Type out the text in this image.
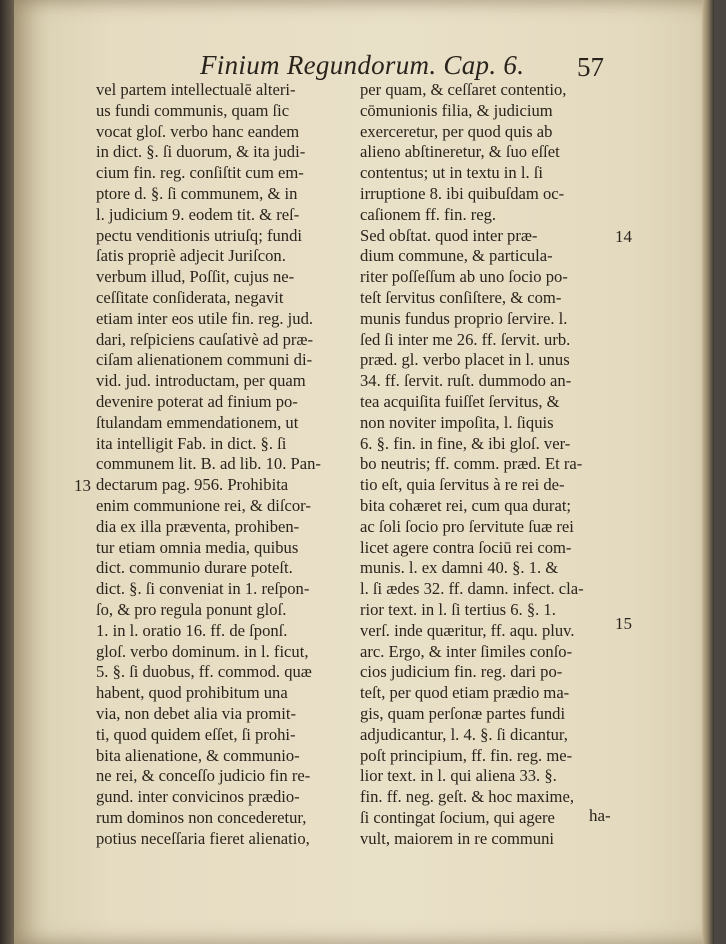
Finium Regundorum. Cap. 6. 57
vel partem intellectualē alteri-
us fundi communis, quam ſic
vocat gloſ. verbo hanc eandem
in dict. §. ſi duorum, & ita judi-
cium fin. reg. conſiſtit cum em-
ptore d. §. ſi communem, & in
l. judicium 9. eodem tit. & reſ-
pectu venditionis utriuſq; fundi
ſatis propriè adjecit Juriſcon.
verbum illud, Poſſit, cujus ne-
ceſſitate conſiderata, negavit
etiam inter eos utile fin. reg. jud.
dari, reſpiciens cauſativè ad præ-
ciſam alienationem communi di-
vid. jud. introductam, per quam
devenire poterat ad finium po-
ſtulandam emmendationem, ut
ita intelligit Fab. in dict. §. ſi
communem lit. B. ad lib. 10. Pan-
dectarum pag. 956. Prohibita
enim communione rei, & diſcor-
dia ex illa præventa, prohiben-
tur etiam omnia media, quibus
dict. communio durare poteſt.
dict. §. ſi conveniat in 1. reſpon-
ſo, & pro regula ponunt gloſ.
1. in l. oratio 16. ff. de ſponſ.
gloſ. verbo dominum. in l. ficut,
5. §. ſi duobus, ff. commod. quæ
habent, quod prohibitum una
via, non debet alia via promit-
ti, quod quidem eſſet, ſi prohi-
bita alienatione, & communio-
ne rei, & conceſſo judicio fin re-
gund. inter convicinos prædio-
rum dominos non concederetur,
potius neceſſaria fieret alienatio,
per quam, & ceſſaret contentio,
cōmunionis filia, & judicium
exerceretur, per quod quis ab
alieno abſtineretur, & ſuo eſſet
contentus; ut in textu in l. ſi
irruptione 8. ibi quibuſdam oc-
caſionem ff. fin. reg.
Sed obſtat. quod inter præ-
dium commune, & particula-
riter poſſeſſum ab uno ſocio po-
teſt ſervitus conſiſtere, & com-
munis fundus proprio ſervire. l.
ſed ſi inter me 26. ff. ſervit. urb.
præd. gl. verbo placet in l. unus
34. ff. ſervit. ruſt. dummodo an-
tea acquiſita fuiſſet ſervitus, &
non noviter impoſita, l. ſiquis
6. §. fin. in fine, & ibi gloſ. ver-
bo neutris; ff. comm. præd. Et ra-
tio eſt, quia ſervitus à re rei de-
bita cohæret rei, cum qua durat;
ac ſoli ſocio pro ſervitute ſuæ rei
licet agere contra ſociū rei com-
munis. l. ex damni 40. §. 1. &
l. ſi ædes 32. ff. damn. infect. cla-
rior text. in l. ſi tertius 6. §. 1.
verſ. inde quæritur, ff. aqu. pluv.
arc. Ergo, & inter ſimiles conſo-
cios judicium fin. reg. dari po-
teſt, per quod etiam prædio ma-
gis, quam perſonæ partes fundi
adjudicantur, l. 4. §. ſi dicantur,
poſt principium, ff. fin. reg. me-
lior text. in l. qui aliena 33. §.
fin. ff. neg. geſt. & hoc maxime,
ſi contingat ſocium, qui agere
vult, maiorem in re communi
13
14
15
ha-
